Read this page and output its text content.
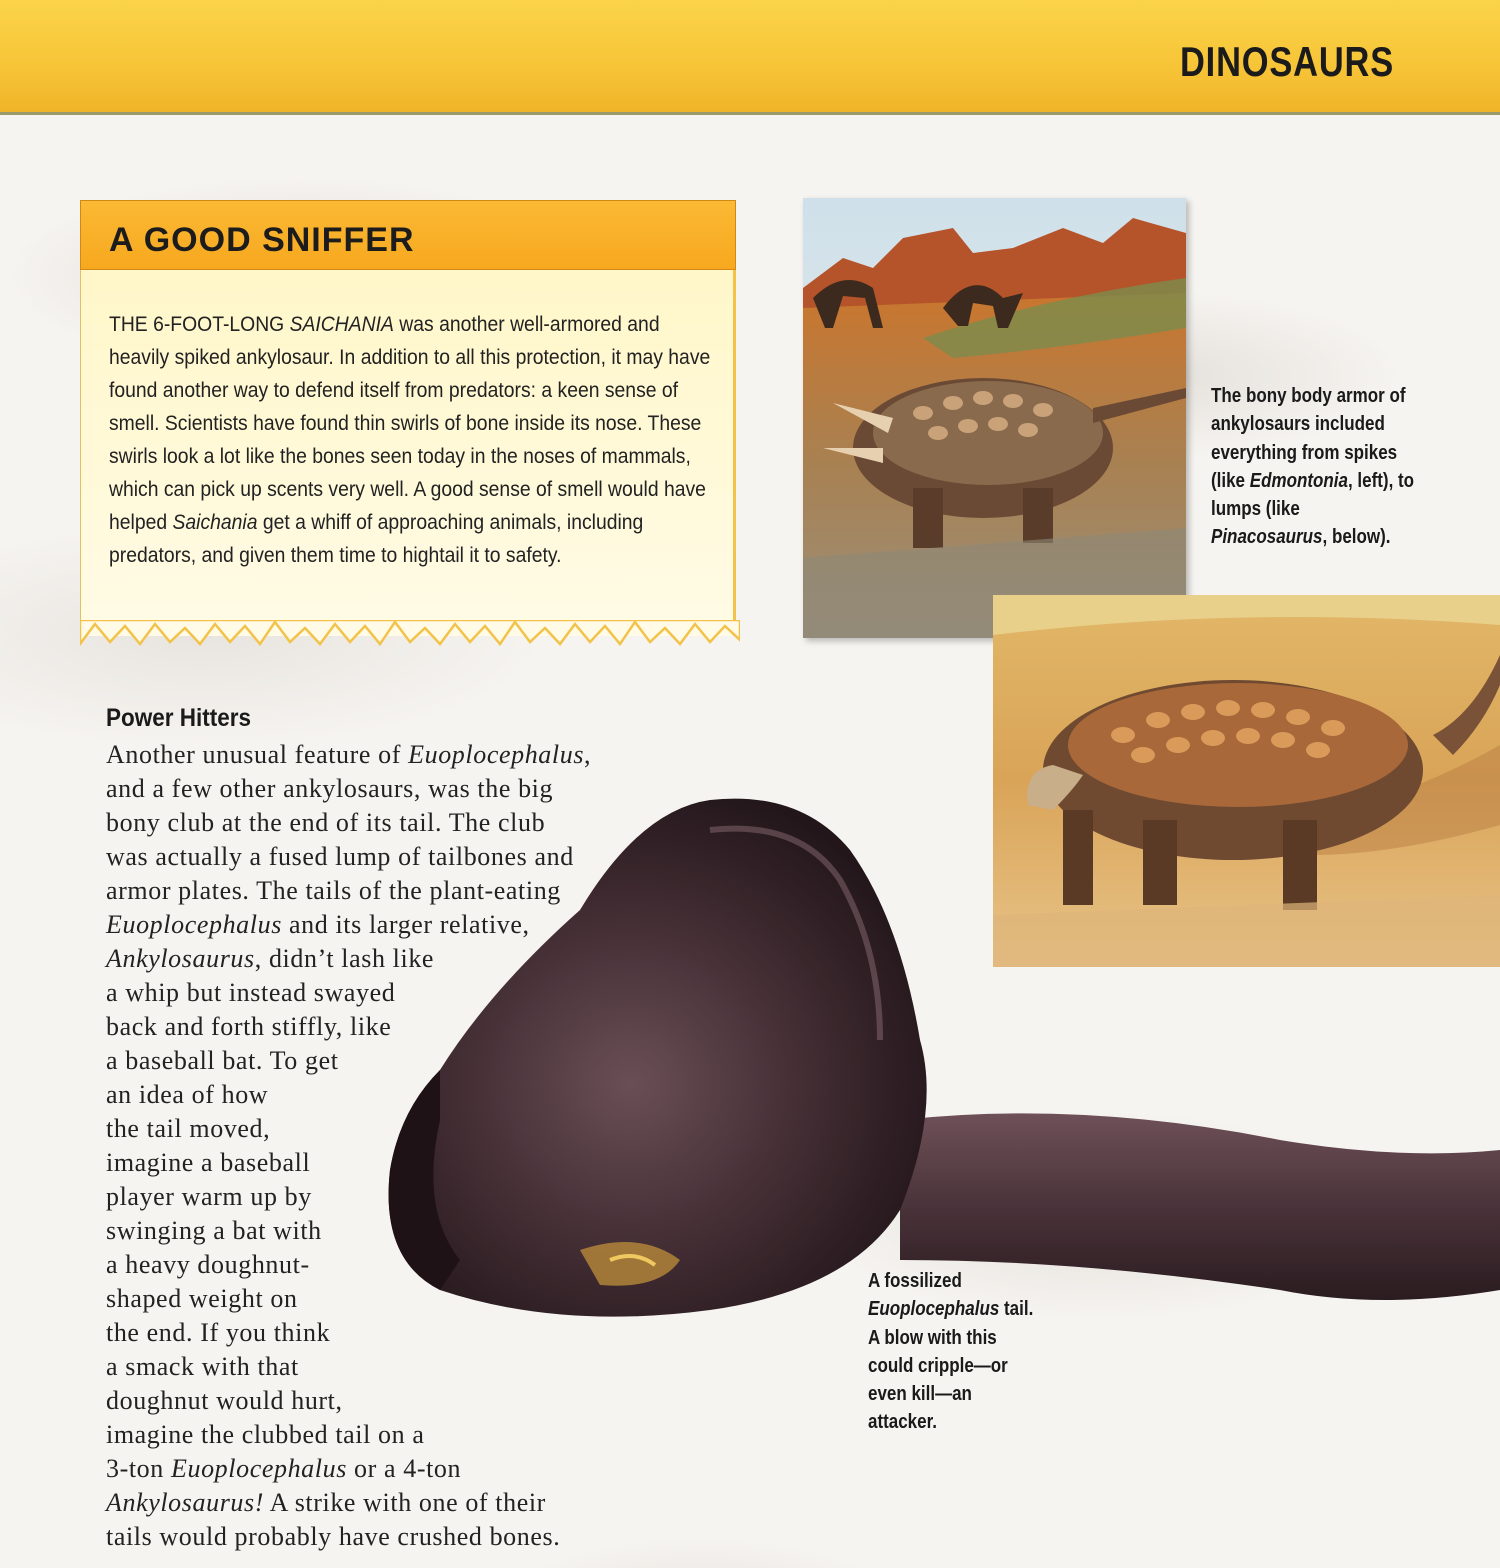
DINOSAURS
A GOOD SNIFFER
THE 6-FOOT-LONG SAICHANIA was another well-armored and heavily spiked ankylosaur. In addition to all this protection, it may have found another way to defend itself from predators: a keen sense of smell. Scientists have found thin swirls of bone inside its nose. These swirls look a lot like the bones seen today in the noses of mammals, which can pick up scents very well. A good sense of smell would have helped Saichania get a whiff of approaching animals, including predators, and given them time to hightail it to safety.
The bony body armor of ankylosaurs included everything from spikes (like Edmontonia, left), to lumps (like Pinacosaurus, below).
A fossilized Euoplocephalus tail. A blow with this could cripple—or even kill—an attacker.
Power Hitters
Another unusual feature of Euoplocephalus,
and a few other ankylosaurs, was the big
bony club at the end of its tail. The club
was actually a fused lump of tailbones and
armor plates. The tails of the plant-eating
Euoplocephalus and its larger relative,
Ankylosaurus, didn’t lash like
a whip but instead swayed
back and forth stiffly, like
a baseball bat. To get
an idea of how
the tail moved,
imagine a baseball
player warm up by
swinging a bat with
a heavy doughnut-
shaped weight on
the end. If you think
a smack with that
doughnut would hurt,
imagine the clubbed tail on a
3-ton Euoplocephalus or a 4-ton
Ankylosaurus! A strike with one of their
tails would probably have crushed bones.
